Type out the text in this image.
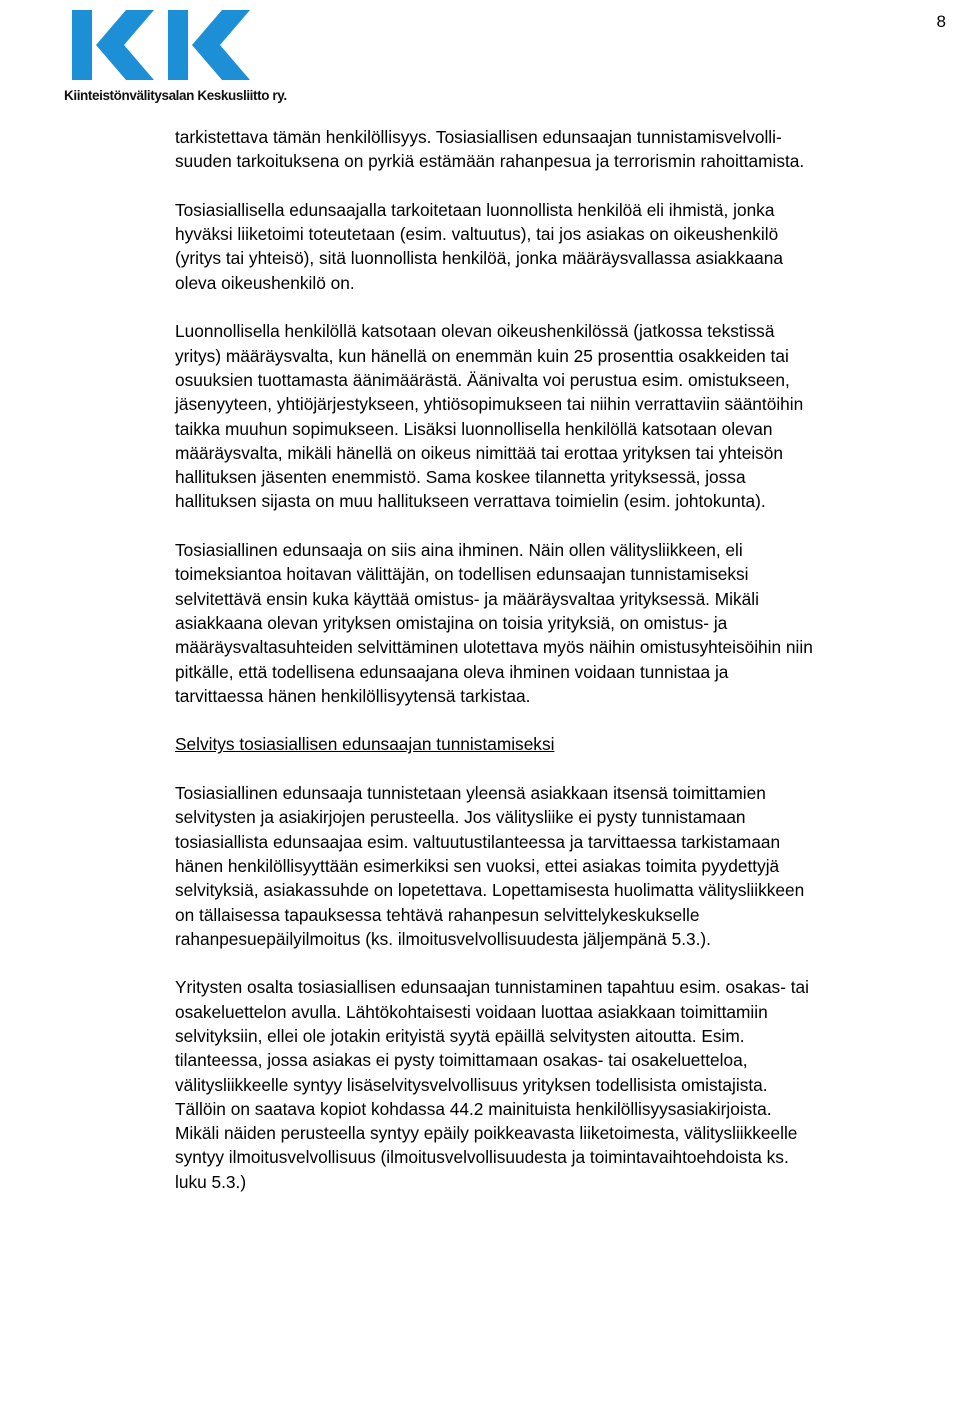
8
Kiinteistönvälitysalan Keskusliitto ry.

tarkistettava tämän henkilöllisyys. Tosiasiallisen edunsaajan tunnistamisvelvolli-
suuden tarkoituksena on pyrkiä estämään rahanpesua ja terrorismin rahoittamista.

Tosiasiallisella edunsaajalla tarkoitetaan luonnollista henkilöä eli ihmistä, jonka
hyväksi liiketoimi toteutetaan (esim. valtuutus), tai jos asiakas on oikeushenkilö
(yritys tai yhteisö), sitä luonnollista henkilöä, jonka määräysvallassa asiakkaana
oleva oikeushenkilö on.

Luonnollisella henkilöllä katsotaan olevan oikeushenkilössä (jatkossa tekstissä
yritys) määräysvalta, kun hänellä on enemmän kuin 25 prosenttia osakkeiden tai
osuuksien tuottamasta äänimäärästä. Äänivalta voi perustua esim. omistukseen,
jäsenyyteen, yhtiöjärjestykseen, yhtiösopimukseen tai niihin verrattaviin sääntöihin
taikka muuhun sopimukseen. Lisäksi luonnollisella henkilöllä katsotaan olevan
määräysvalta, mikäli hänellä on oikeus nimittää tai erottaa yrityksen tai yhteisön
hallituksen jäsenten enemmistö. Sama koskee tilannetta yrityksessä, jossa
hallituksen sijasta on muu hallitukseen verrattava toimielin (esim. johtokunta).

Tosiasiallinen edunsaaja on siis aina ihminen. Näin ollen välitysliikkeen, eli
toimeksiantoa hoitavan välittäjän, on todellisen edunsaajan tunnistamiseksi
selvitettävä ensin kuka käyttää omistus- ja määräysvaltaa yrityksessä. Mikäli
asiakkaana olevan yrityksen omistajina on toisia yrityksiä, on omistus- ja
määräysvaltasuhteiden selvittäminen ulotettava myös näihin omistusyhteisöihin niin
pitkälle, että todellisena edunsaajana oleva ihminen voidaan tunnistaa ja
tarvittaessa hänen henkilöllisyytensä tarkistaa.

Selvitys tosiasiallisen edunsaajan tunnistamiseksi

Tosiasiallinen edunsaaja tunnistetaan yleensä asiakkaan itsensä toimittamien
selvitysten ja asiakirjojen perusteella. Jos välitysliike ei pysty tunnistamaan
tosiasiallista edunsaajaa esim. valtuutustilanteessa ja tarvittaessa tarkistamaan
hänen henkilöllisyyttään esimerkiksi sen vuoksi, ettei asiakas toimita pyydettyjä
selvityksiä, asiakassuhde on lopetettava. Lopettamisesta huolimatta välitysliikkeen
on tällaisessa tapauksessa tehtävä rahanpesun selvittelykeskukselle
rahanpesuepäilyilmoitus (ks. ilmoitusvelvollisuudesta jäljempänä 5.3.).

Yritysten osalta tosiasiallisen edunsaajan tunnistaminen tapahtuu esim. osakas- tai
osakeluettelon avulla. Lähtökohtaisesti voidaan luottaa asiakkaan toimittamiin
selvityksiin, ellei ole jotakin erityistä syytä epäillä selvitysten aitoutta. Esim.
tilanteessa, jossa asiakas ei pysty toimittamaan osakas- tai osakeluetteloa,
välitysliikkeelle syntyy lisäselvitysvelvollisuus yrityksen todellisista omistajista.
Tällöin on saatava kopiot kohdassa 44.2 mainituista henkilöllisyysasiakirjoista.
Mikäli näiden perusteella syntyy epäily poikkeavasta liiketoimesta, välitysliikkeelle
syntyy ilmoitusvelvollisuus (ilmoitusvelvollisuudesta ja toimintavaihtoehdoista ks.
luku 5.3.)
